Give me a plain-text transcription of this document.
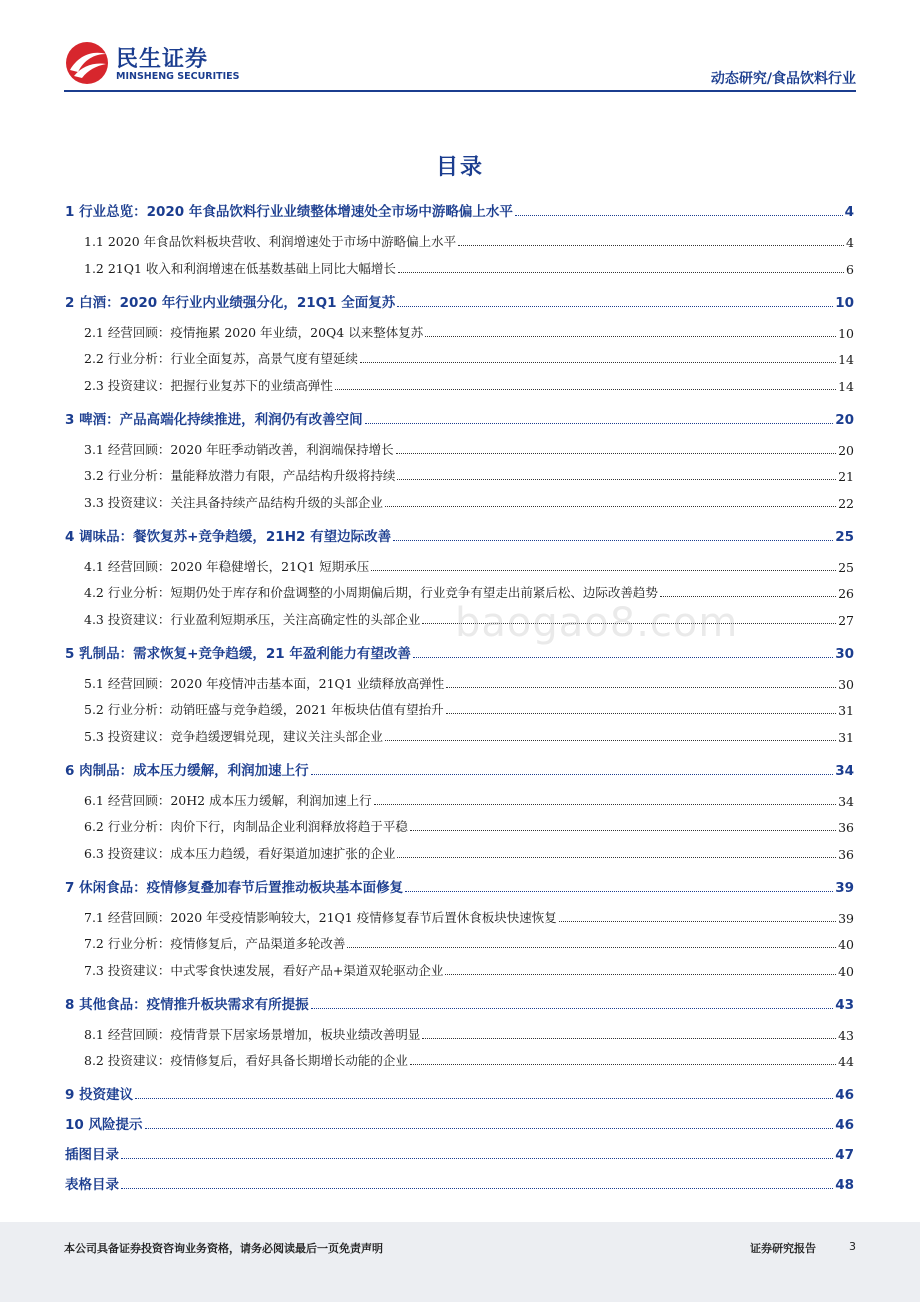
民生证券
MINSHENG SECURITIES	动态研究/食品饮料行业
目录
1 行业总览：2020 年食品饮料行业业绩整体增速处全市场中游略偏上水平	4
1.1 2020 年食品饮料板块营收、利润增速处于市场中游略偏上水平	4
1.2 21Q1 收入和利润增速在低基数基础上同比大幅增长	6
2 白酒：2020 年行业内业绩强分化，21Q1 全面复苏	10
2.1 经营回顾：疫情拖累 2020 年业绩，20Q4 以来整体复苏	10
2.2 行业分析：行业全面复苏，高景气度有望延续	14
2.3 投资建议：把握行业复苏下的业绩高弹性	14
3 啤酒：产品高端化持续推进，利润仍有改善空间	20
3.1 经营回顾：2020 年旺季动销改善，利润端保持增长	20
3.2 行业分析：量能释放潜力有限，产品结构升级将持续	21
3.3 投资建议：关注具备持续产品结构升级的头部企业	22
4 调味品：餐饮复苏+竞争趋缓，21H2 有望边际改善	25
4.1 经营回顾：2020 年稳健增长，21Q1 短期承压	25
4.2 行业分析：短期仍处于库存和价盘调整的小周期偏后期，行业竞争有望走出前紧后松、边际改善趋势	26
4.3 投资建议：行业盈利短期承压，关注高确定性的头部企业	27
5 乳制品：需求恢复+竞争趋缓，21 年盈利能力有望改善	30
5.1 经营回顾：2020 年疫情冲击基本面，21Q1 业绩释放高弹性	30
5.2 行业分析：动销旺盛与竞争趋缓，2021 年板块估值有望抬升	31
5.3 投资建议：竞争趋缓逻辑兑现，建议关注头部企业	31
6 肉制品：成本压力缓解，利润加速上行	34
6.1 经营回顾：20H2 成本压力缓解，利润加速上行	34
6.2 行业分析：肉价下行，肉制品企业利润释放将趋于平稳	36
6.3 投资建议：成本压力趋缓，看好渠道加速扩张的企业	36
7 休闲食品：疫情修复叠加春节后置推动板块基本面修复	39
7.1 经营回顾：2020 年受疫情影响较大，21Q1 疫情修复春节后置休食板块快速恢复	39
7.2 行业分析：疫情修复后，产品渠道多轮改善	40
7.3 投资建议：中式零食快速发展，看好产品+渠道双轮驱动企业	40
8 其他食品：疫情推升板块需求有所提振	43
8.1 经营回顾：疫情背景下居家场景增加，板块业绩改善明显	43
8.2 投资建议：疫情修复后，看好具备长期增长动能的企业	44
9 投资建议	46
10 风险提示	46
插图目录	47
表格目录	48
baogao8.com
本公司具备证券投资咨询业务资格，请务必阅读最后一页免责声明	证券研究报告	3
